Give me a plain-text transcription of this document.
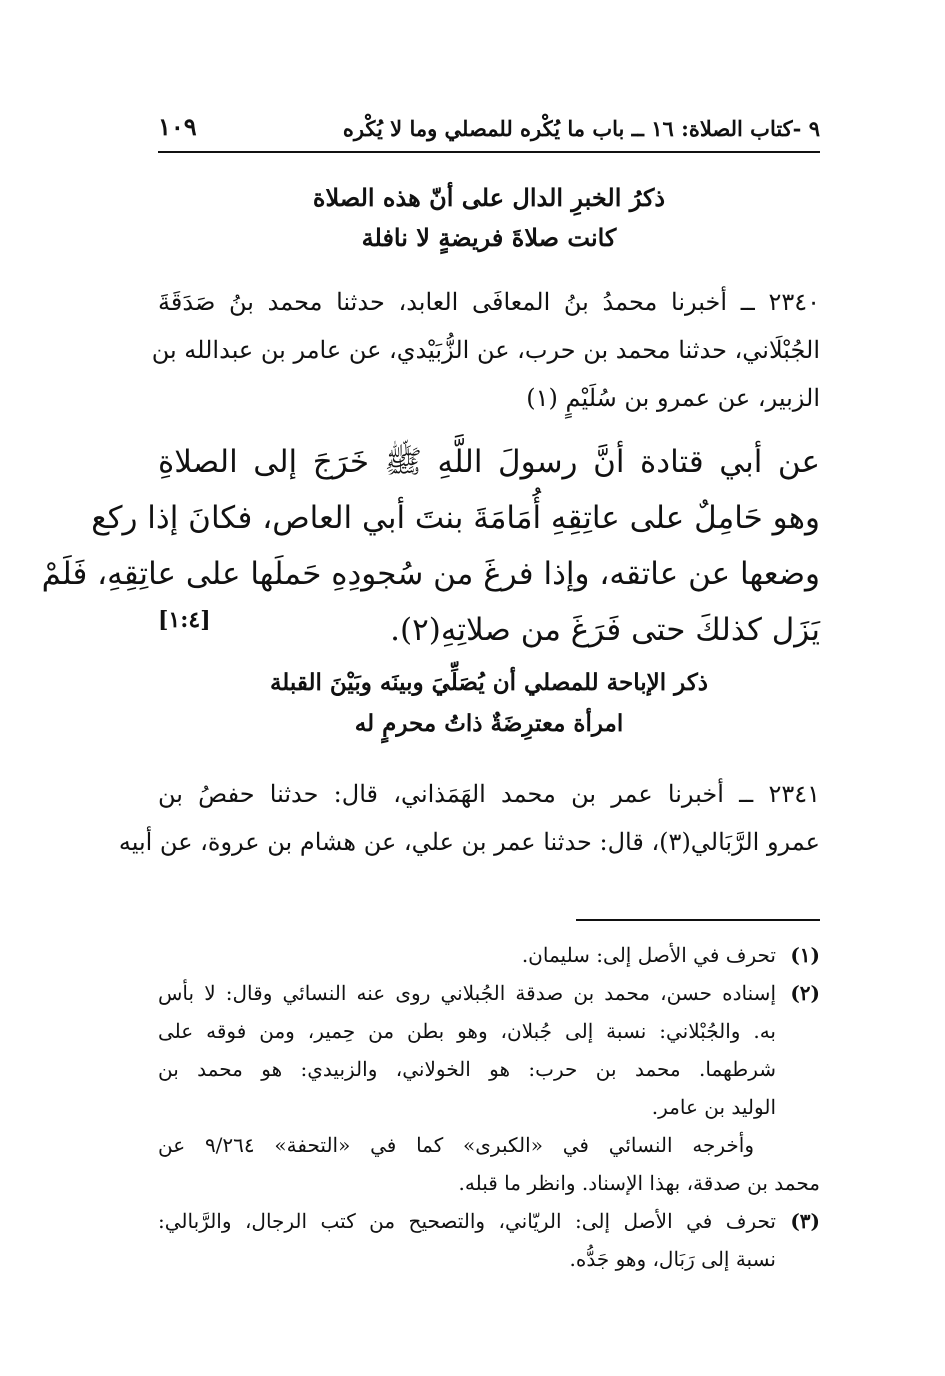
٩ -كتاب الصلاة: ١٦ ــ باب ما يُكْره للمصلي وما لا يُكْره
١٠٩
ذكرُ الخبرِ الدال على أنّ هذه الصلاة
كانت صلاةَ فريضةٍ لا نافلة
٢٣٤٠ ــ أخبرنا محمدُ بنُ المعافَى العابد، حدثنا محمد بنُ صَدَقَةَ
الجُبْلَاني، حدثنا محمد بن حرب، عن الزُّبَيْدي، عن عامر بن عبدالله بن
الزبير، عن عمرو بن سُلَيْمٍ (١)
عن أبي قتادة أنَّ رسولَ اللَّهِ ﷺ خَرَجَ إلى الصلاةِ
وهو حَامِلٌ على عاتِقِهِ أُمَامَةَ بنتَ أبي العاص، فكانَ إذا ركع
وضعها عن عاتقه، وإذا فرغَ من سُجودِهِ حَملَها على عاتِقِهِ، فَلَمْ
يَزَل كذلكَ حتى فَرَغَ من صلاتِهِ(٢).
[١:٤]
ذكر الإباحة للمصلي أن يُصَلِّيَ وبينَه وبَيْنَ القبلة
امرأة معترِضَةٌ ذاتُ محرمٍ له
٢٣٤١ ــ أخبرنا عمر بن محمد الهَمَذاني، قال: حدثنا حفصُ بن
عمرو الرَّبَالي(٣)، قال: حدثنا عمر بن علي، عن هشام بن عروة، عن أبيه
(١)
تحرف في الأصل إلى: سليمان.
(٢)
إسناده حسن، محمد بن صدقة الجُبلاني روى عنه النسائي وقال: لا بأس
به. والجُبْلاني: نسبة إلى جُبلان، وهو بطن من حِمير، ومن فوقه على
شرطهما. محمد بن حرب: هو الخولاني، والزبيدي: هو محمد بن
الوليد بن عامر.
وأخرجه النسائي في «الكبرى» كما في «التحفة» ٩/٢٦٤ عن
محمد بن صدقة، بهذا الإسناد. وانظر ما قبله.
(٣)
تحرف في الأصل إلى: الريّاني، والتصحيح من كتب الرجال، والرَّبالي:
نسبة إلى رَبَال، وهو جَدُّه.
